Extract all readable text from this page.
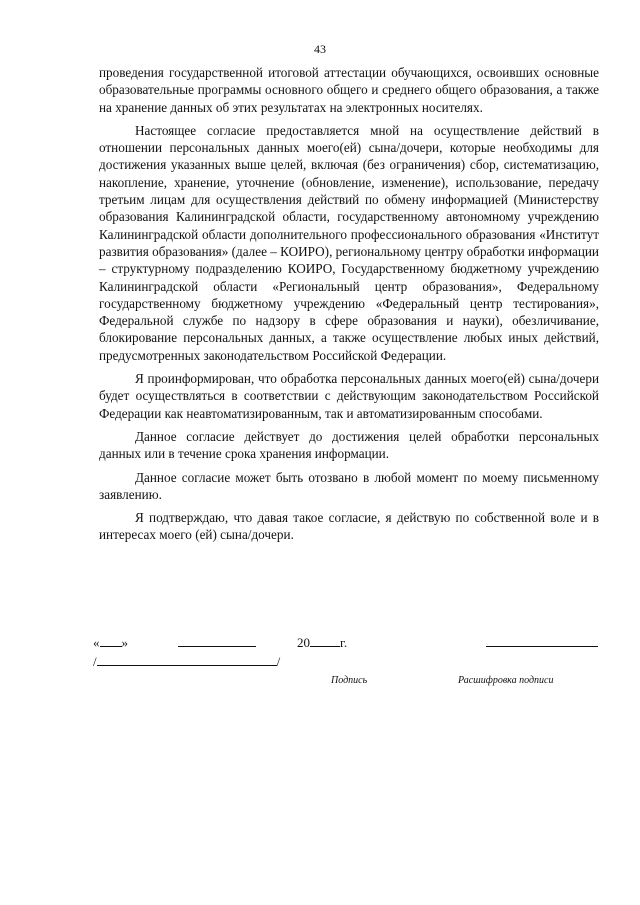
43

проведения государственной итоговой аттестации обучающихся, освоивших основные образовательные программы основного общего и среднего общего образования, а также на хранение данных об этих результатах на электронных носителях.

Настоящее согласие предоставляется мной на осуществление действий в отношении персональных данных моего(ей) сына/дочери, которые необходимы для достижения указанных выше целей, включая (без ограничения) сбор, систематизацию, накопление, хранение, уточнение (обновление, изменение), использование, передачу третьим лицам для осуществления действий по обмену информацией (Министерству образования Калининградской области, государственному автономному учреждению Калининградской области дополнительного профессионального образования «Институт развития образования» (далее – КОИРО), региональному центру обработки информации – структурному подразделению КОИРО, Государственному бюджетному учреждению Калининградской области «Региональный центр образования», Федеральному государственному бюджетному учреждению «Федеральный центр тестирования», Федеральной службе по надзору в сфере образования и науки), обезличивание, блокирование персональных данных, а также осуществление любых иных действий, предусмотренных законодательством Российской Федерации.

Я проинформирован, что обработка персональных данных моего(ей) сына/дочери будет осуществляться в соответствии с действующим законодательством Российской Федерации как неавтоматизированным, так и автоматизированным способами.

Данное согласие действует до достижения целей обработки персональных данных или в течение срока хранения информации.

Данное согласие может быть отозвано в любой момент по моему письменному заявлению.

Я подтверждаю, что давая такое согласие, я действую по собственной воле и в интересах моего (ей) сына/дочери.

« »	20 г.
/	/
Подпись	Расшифровка подписи
